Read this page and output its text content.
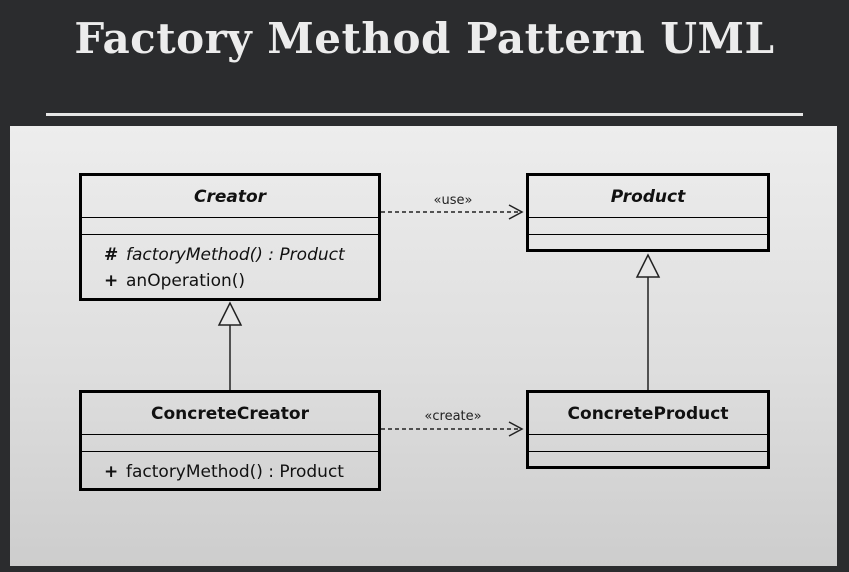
Factory Method Pattern UML
Creator
# factoryMethod() : Product
+ anOperation()
ConcreteCreator
+ factoryMethod() : Product
Product
ConcreteProduct
«use»
«create»
